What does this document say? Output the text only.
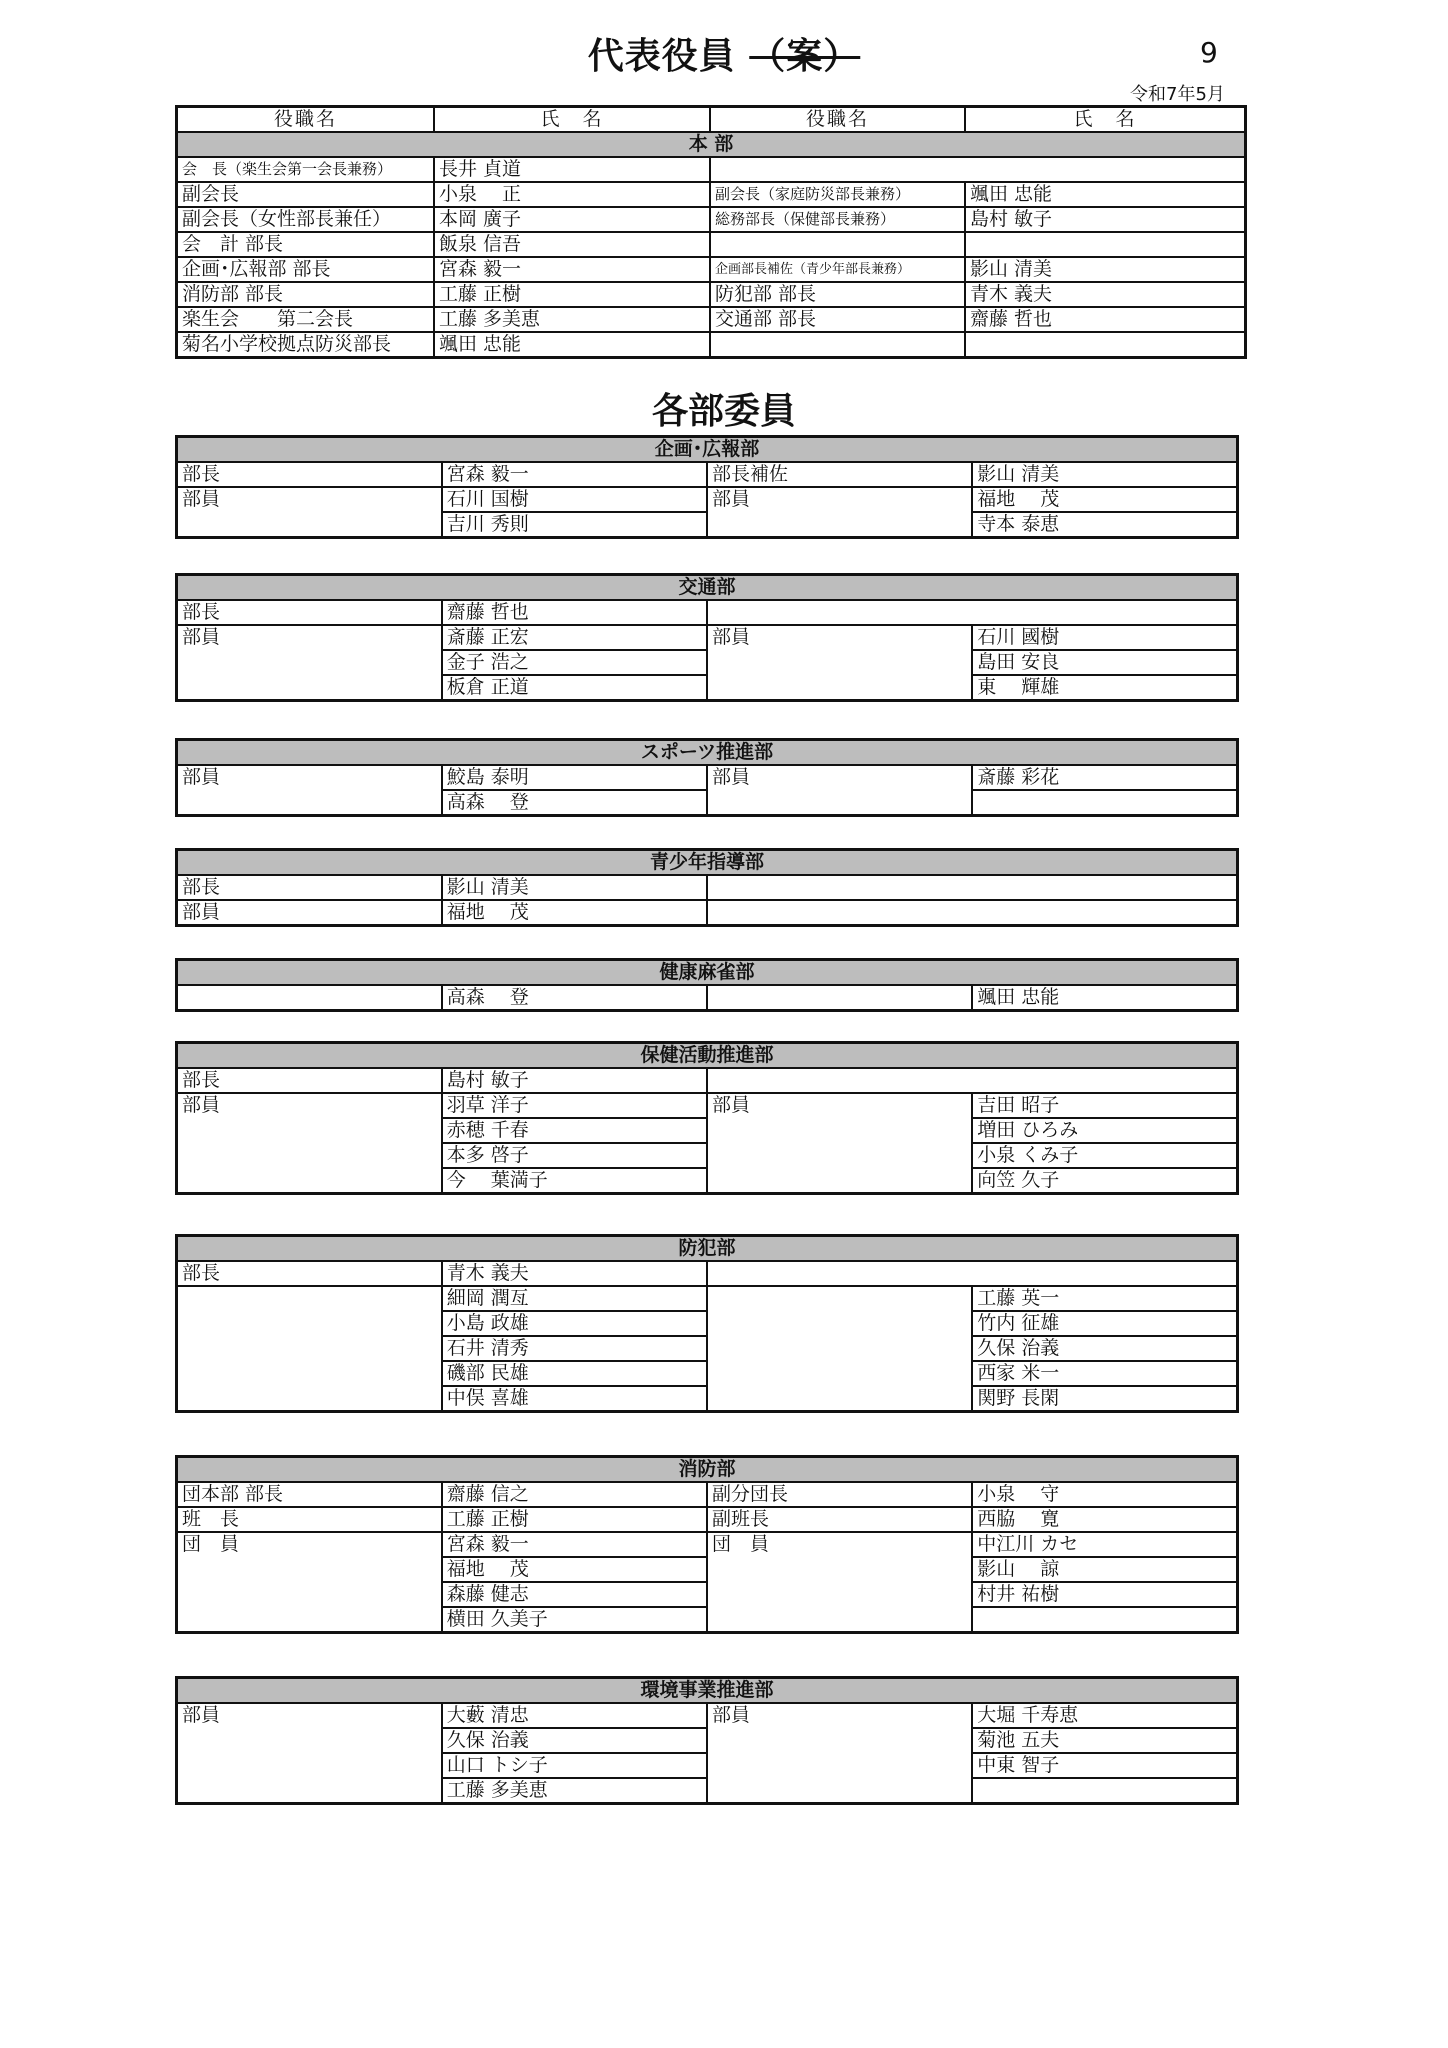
代表役員 （案）	9
令和7年5月
役職名	氏　名	役職名	氏　名
本 部			
会　長（楽生会第一会長兼務）	長井 貞道		
副会長	小泉　 正	副会長（家庭防災部長兼務）	颯田 忠能
副会長（女性部長兼任）	本岡 廣子	総務部長（保健部長兼務）	島村 敏子
会　計 部長	飯泉 信吾		
企画･広報部 部長	宮森 毅一	企画部長補佐（青少年部長兼務）	影山 清美
消防部 部長	工藤 正樹	防犯部 部長	青木 義夫
楽生会　　第二会長	工藤 多美恵	交通部 部長	齋藤 哲也
菊名小学校拠点防災部長	颯田 忠能		
各部委員
企画･広報部			
部長	宮森 毅一	部長補佐	影山 清美
部員	石川 国樹	部員	福地　 茂
	吉川 秀則		寺本 泰恵
交通部			
部長	齋藤 哲也		
部員	斎藤 正宏	部員	石川 國樹
	金子 浩之		島田 安良
	板倉 正道		東　 輝雄
スポーツ推進部			
部員	鮫島 泰明	部員	斎藤 彩花
	高森　 登		
青少年指導部		
部長	影山 清美	
部員	福地　 茂	
健康麻雀部
	高森　 登		颯田 忠能
保健活動推進部			
部長	島村 敏子		
部員	羽草 洋子	部員	吉田 昭子
	赤穂 千春		増田 ひろみ
	本多 啓子		小泉 くみ子
	今　 葉満子		向笠 久子
防犯部			
部長	青木 義夫		
	細岡 潤亙		工藤 英一
	小島 政雄		竹内 征雄
	石井 清秀		久保 治義
	磯部 民雄		西家 米一
	中俣 喜雄		関野 長閑
消防部			
団本部 部長	齋藤 信之	副分団長	小泉　 守
班　長	工藤 正樹	副班長	西脇　 寛
団　員	宮森 毅一	団　員	中江川 カセ
	福地　 茂		影山　 諒
	森藤 健志		村井 祐樹
	横田 久美子		
環境事業推進部			
部員	大藪 清忠	部員	大堀 千寿恵
	久保 治義		菊池 五夫
	山口 トシ子		中東 智子
	工藤 多美恵		
